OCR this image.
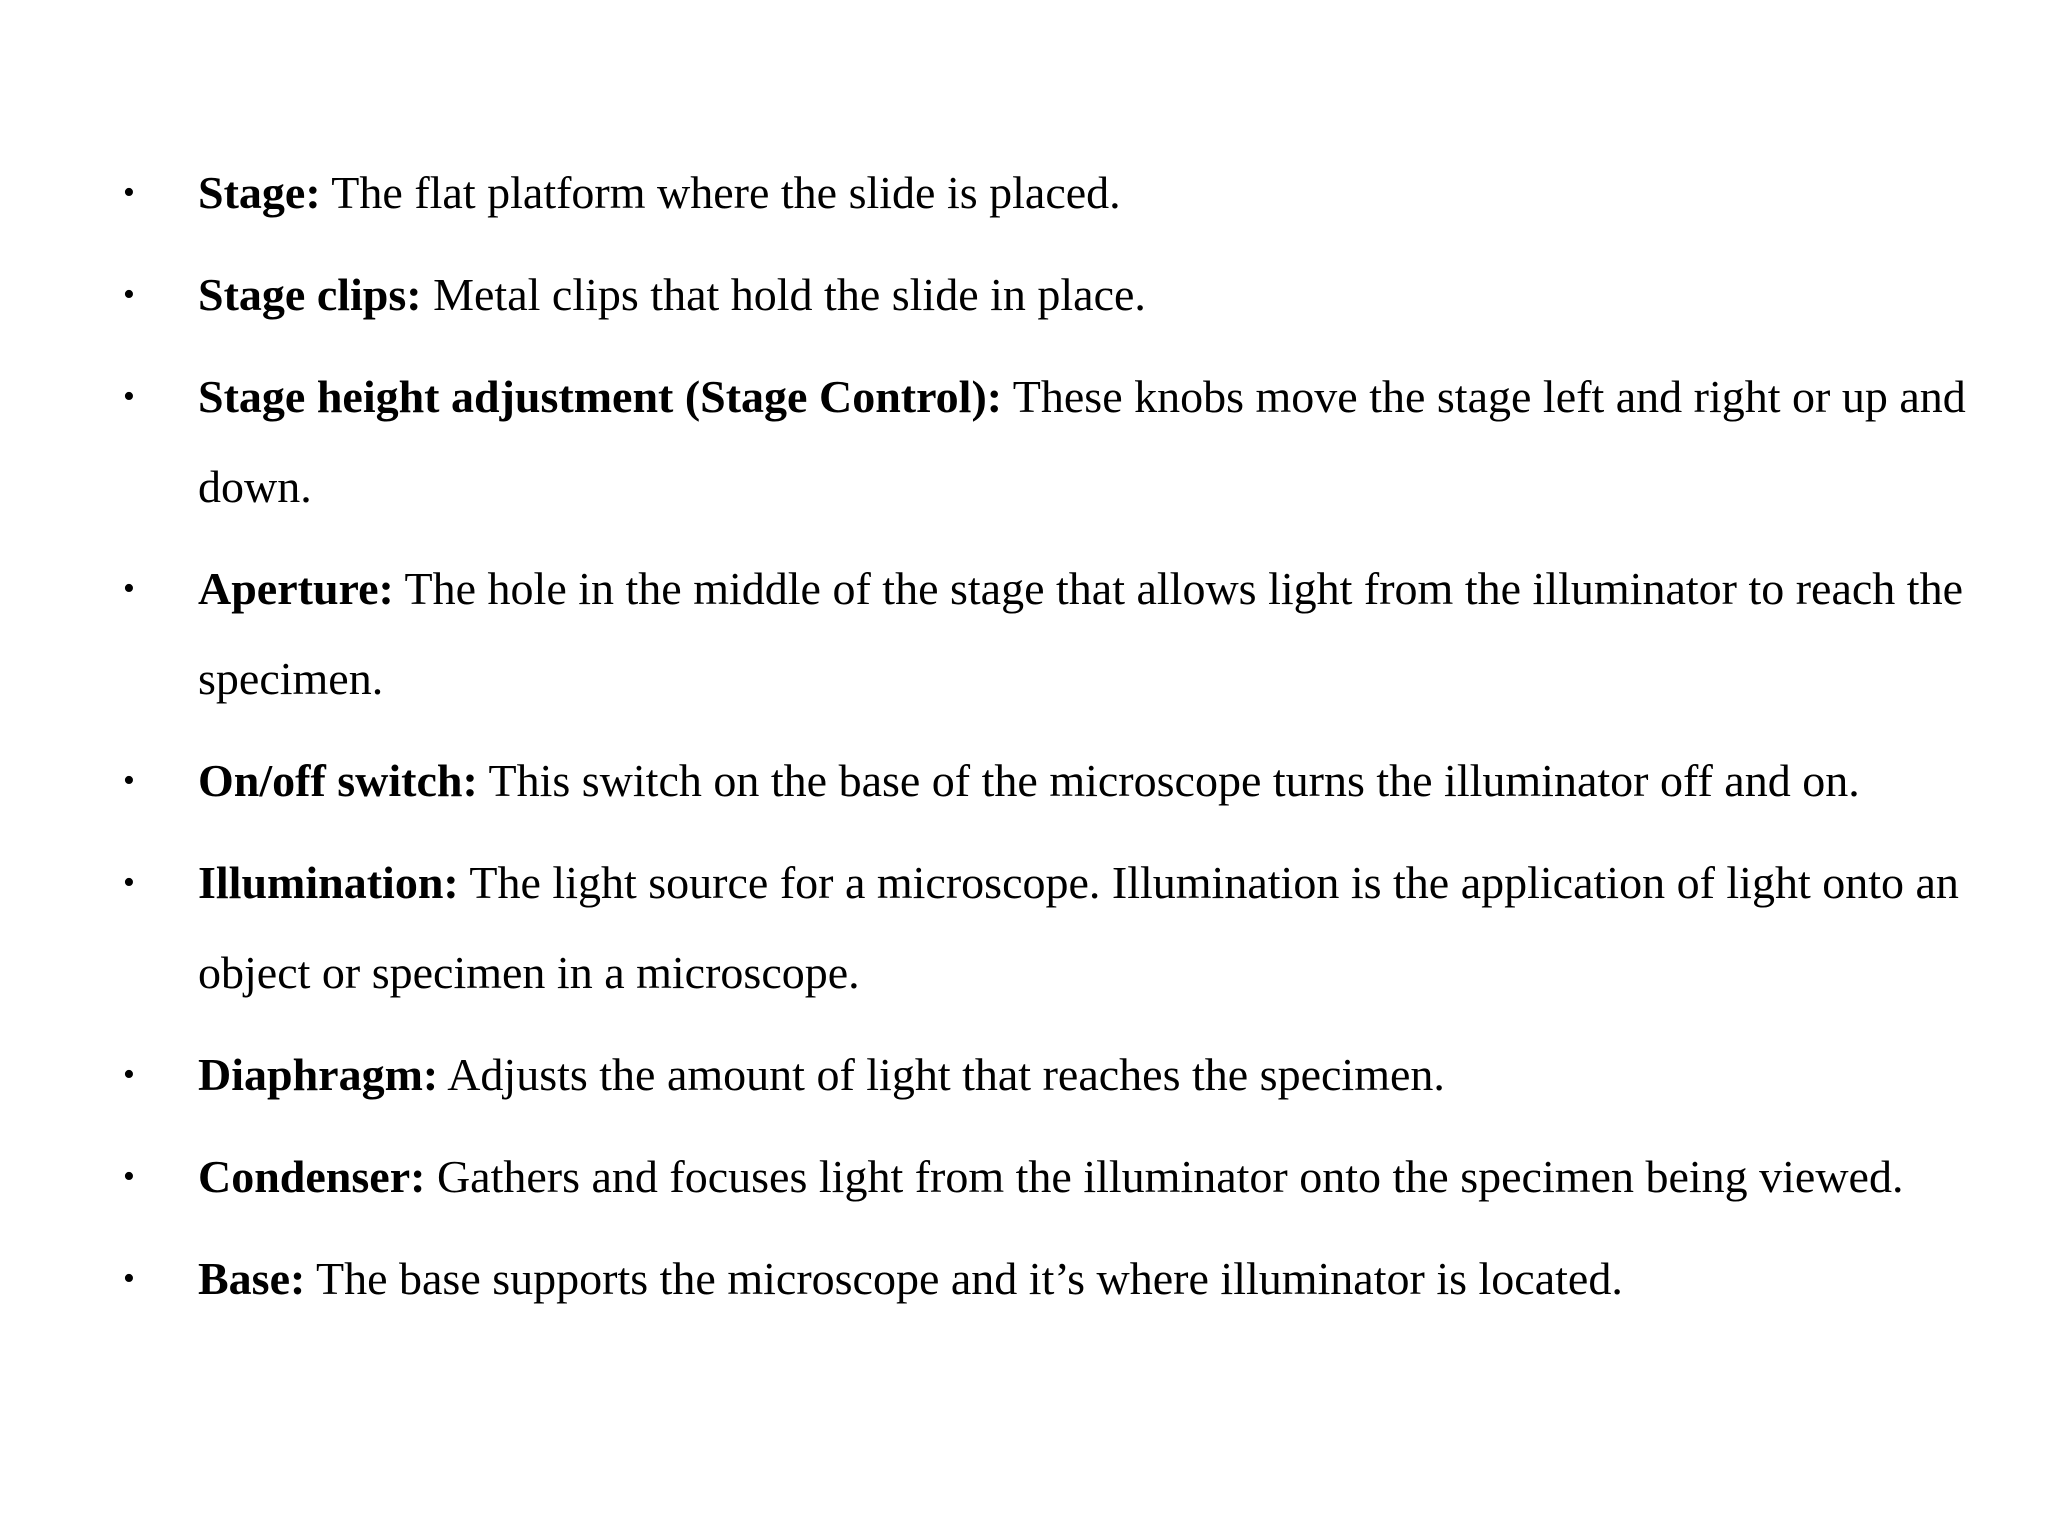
• Stage: The flat platform where the slide is placed.
• Stage clips: Metal clips that hold the slide in place.
• Stage height adjustment (Stage Control): These knobs move the stage left and right or up and down.
• Aperture: The hole in the middle of the stage that allows light from the illuminator to reach the specimen.
• On/off switch: This switch on the base of the microscope turns the illuminator off and on.
• Illumination: The light source for a microscope. Illumination is the application of light onto an object or specimen in a microscope.
• Diaphragm: Adjusts the amount of light that reaches the specimen.
• Condenser: Gathers and focuses light from the illuminator onto the specimen being viewed.
• Base: The base supports the microscope and it’s where illuminator is located.
